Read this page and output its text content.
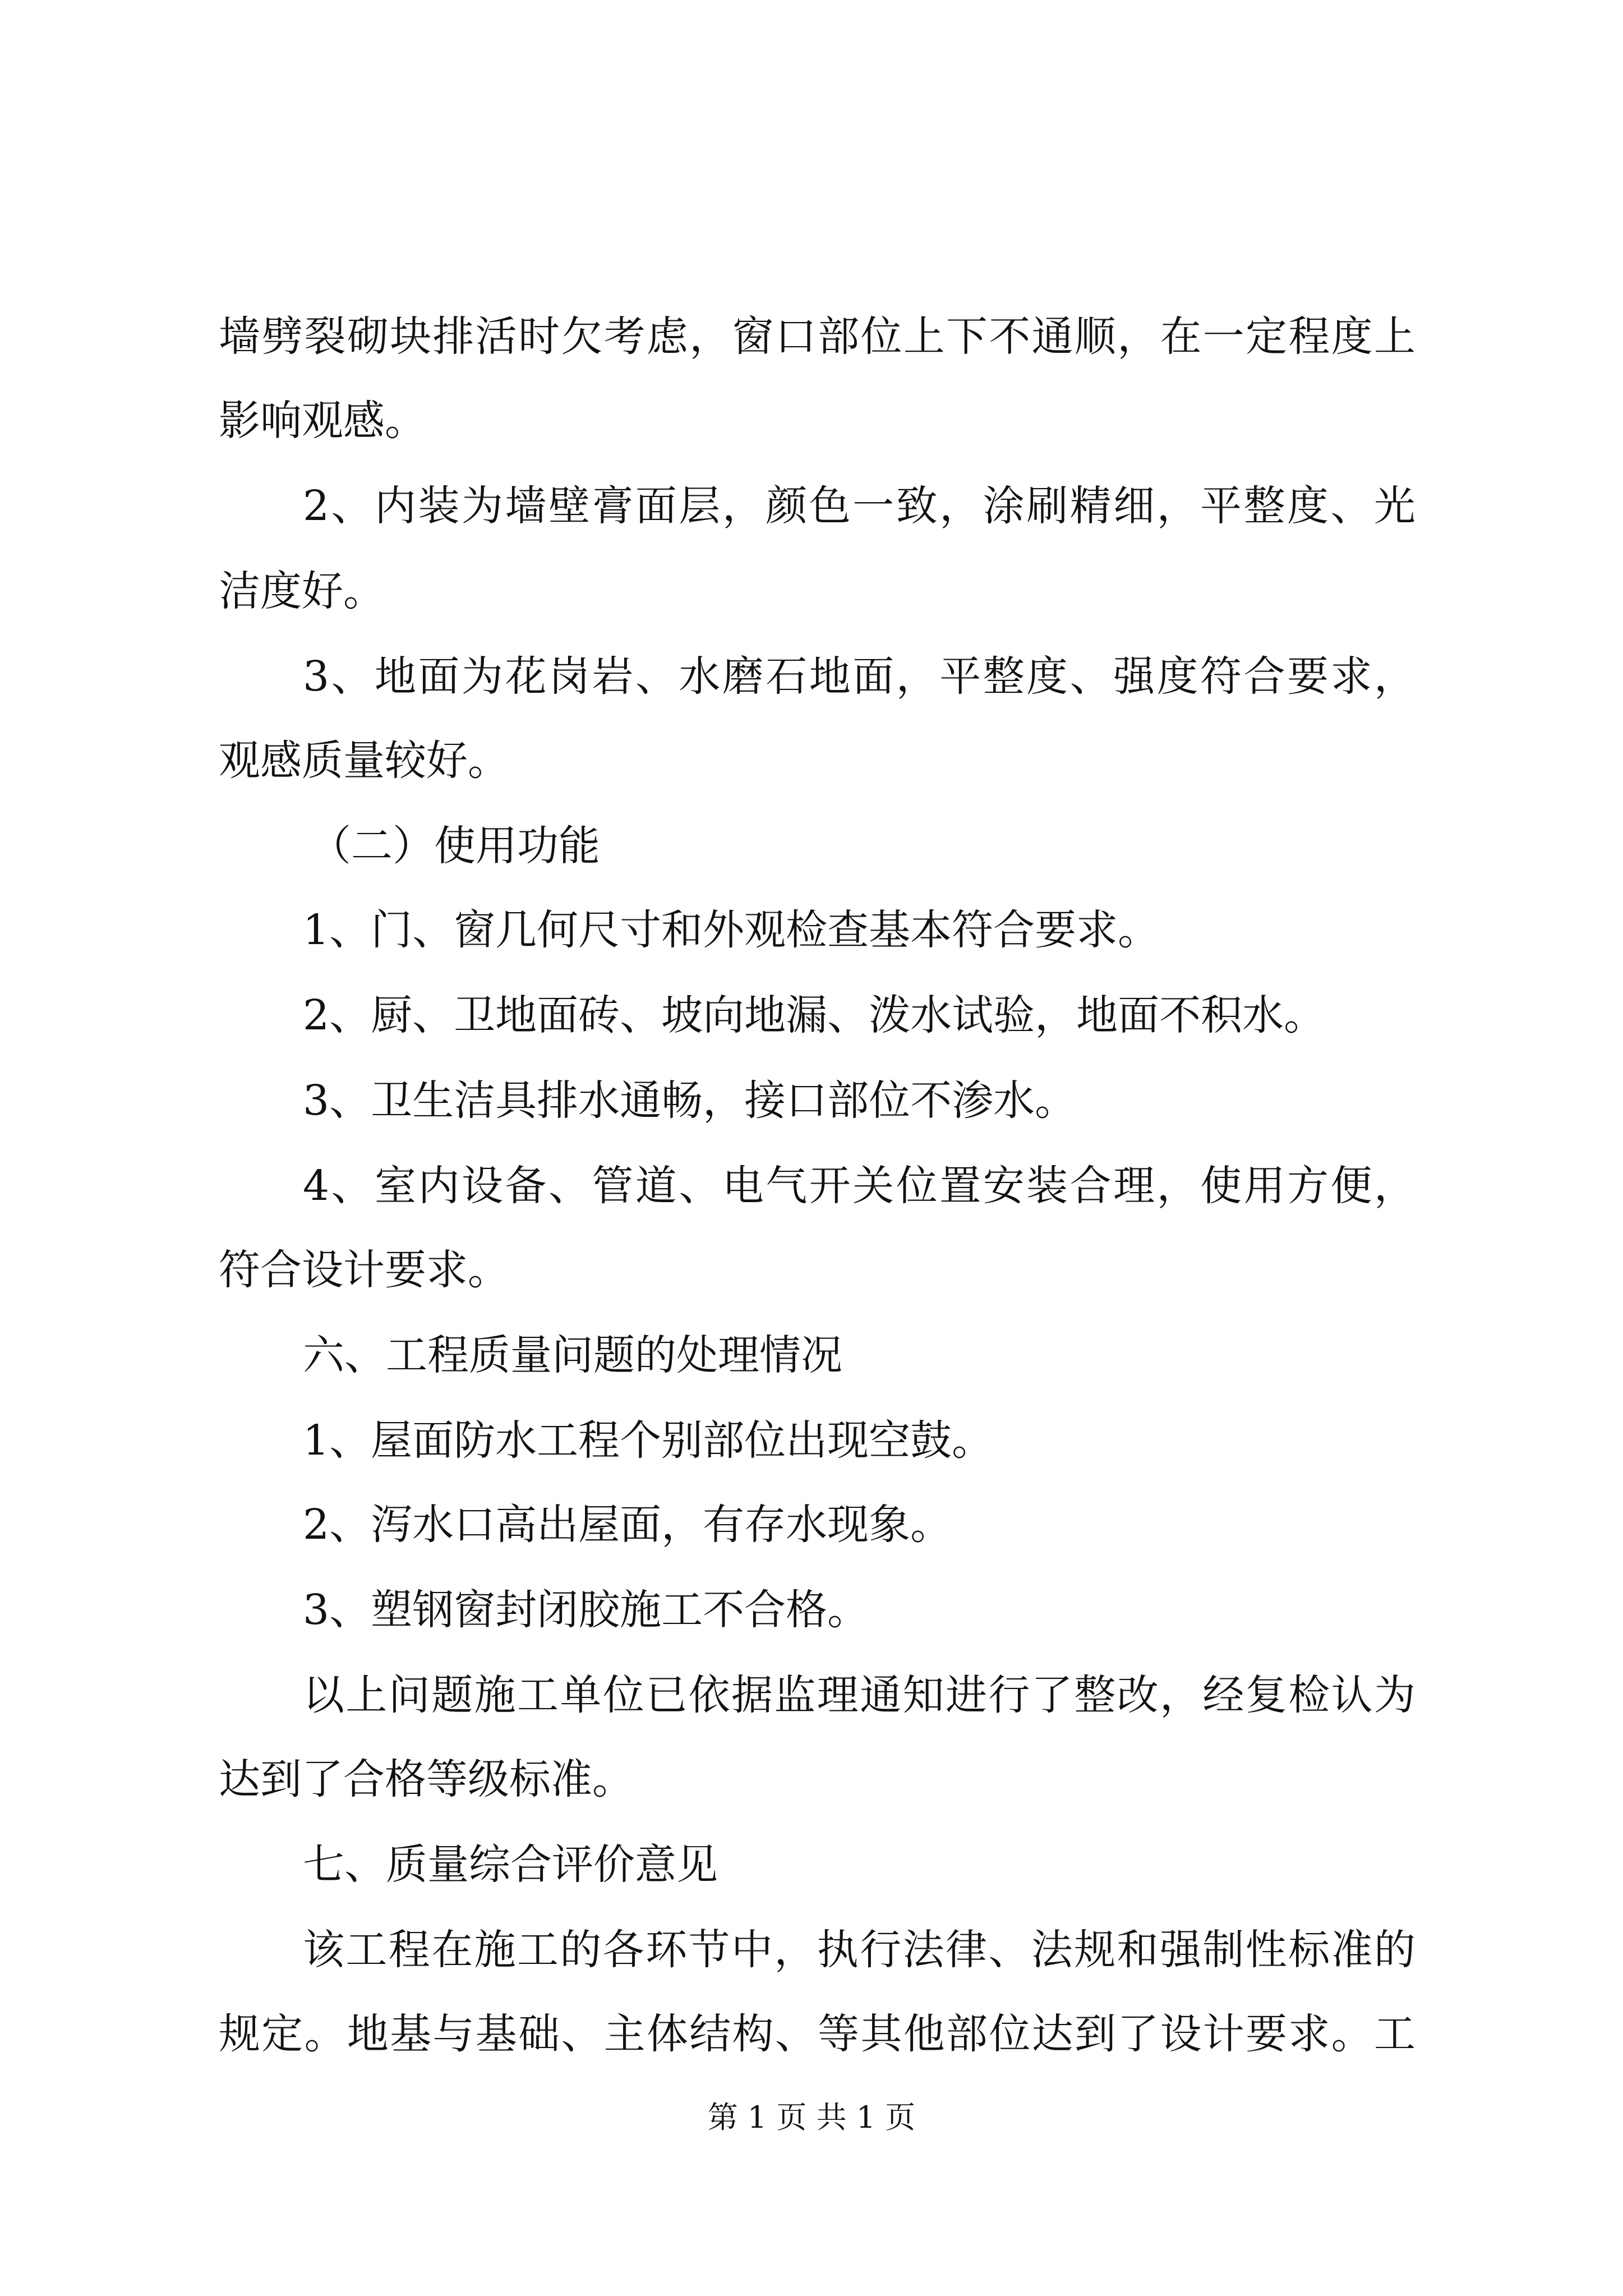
墙劈裂砌块排活时欠考虑，窗口部位上下不通顺，在一定程度上

影响观感。

2、内装为墙壁膏面层，颜色一致，涂刷精细，平整度、光

洁度好。

3、地面为花岗岩、水磨石地面，平整度、强度符合要求，

观感质量较好。

（二）使用功能

1、门、窗几何尺寸和外观检查基本符合要求。

2、厨、卫地面砖、坡向地漏、泼水试验，地面不积水。

3、卫生洁具排水通畅，接口部位不渗水。

4、室内设备、管道、电气开关位置安装合理，使用方便，

符合设计要求。

六、工程质量问题的处理情况

1、屋面防水工程个别部位出现空鼓。

2、泻水口高出屋面，有存水现象。

3、塑钢窗封闭胶施工不合格。

以上问题施工单位已依据监理通知进行了整改，经复检认为

达到了合格等级标准。

七、质量综合评价意见

该工程在施工的各环节中，执行法律、法规和强制性标准的

规定。地基与基础、主体结构、等其他部位达到了设计要求。工

第 1 页 共 1 页
